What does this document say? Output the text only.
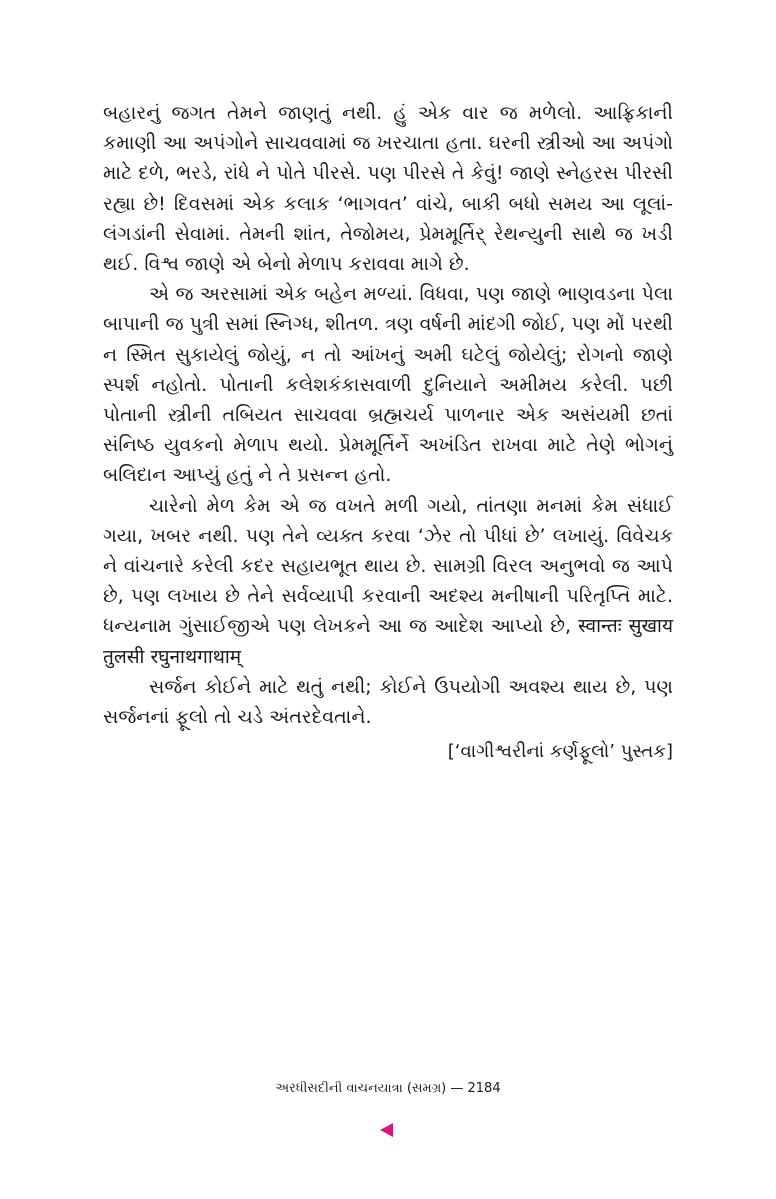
બહારનું જગત તેમને જાણતું નથી. હું એક વાર જ મળેલો. આફ્રિકાની કમાણી આ અપંગોને સાચવવામાં જ ખરચાતા હતા. ઘરની સ્ત્રીઓ આ અપંગો માટે દળે, ભરડે, રાંધે ને પોતે પીરસે. પણ પીરસે તે કેવું! જાણે સ્નેહરસ પીરસી રહ્યા છે! દિવસમાં એક કલાક ‘ભાગવત’ વાંચે, બાકી બધો સમય આ લૂલાં-લંગડાંની સેવામાં. તેમની શાંત, તેજોમય, પ્રેમમૂર્તિર્ રેથન્યુની સાથે જ ખડી થઈ. વિશ્વ જાણે એ બેનો મેળાપ કરાવવા માગે છે.

એ જ અરસામાં એક બહેન મળ્યાં. વિધવા, પણ જાણે ભાણવડના પેલા બાપાની જ પુત્રી સમાં સ્નિગ્ધ, શીતળ. ત્રણ વર્ષની માંદગી જોઈ, પણ મોં પરથી ન સ્મિત સુકાયેલું જોયું, ન તો આંખનું અમી ઘટેલું જોયેલું; રોગનો જાણે સ્પર્શ નહોતો. પોતાની કલેશકંકાસવાળી દુનિયાને અમીમય કરેલી. પછી પોતાની સ્ત્રીની તબિયત સાચવવા બ્રહ્મચર્ય પાળનાર એક અસંયમી છતાં સંનિષ્ઠ યુવકનો મેળાપ થયો. પ્રેમમૂર્તિર્ને અખંડિત રાખવા માટે તેણે ભોગનું બલિદાન આપ્યું હતું ને તે પ્રસન્ન હતો.

ચારેનો મેળ કેમ એ જ વખતે મળી ગયો, તાંતણા મનમાં કેમ સંધાઈ ગયા, ખબર નથી. પણ તેને વ્યક્ત કરવા ‘ઝેર તો પીધાં છે’ લખાયું. વિવેચક ને વાંચનારે કરેલી કદર સહાયભૂત થાય છે. સામગ્રી વિરલ અનુભવો જ આપે છે, પણ લખાય છે તેને સર્વવ્યાપી કરવાની અદશ્ય મનીષાની પરિતૃપ્તિ માટે. ધન્યનામ ગુંસાઈજીએ પણ લેખકને આ જ આદેશ આપ્યો છે, स्वान्तः सुखाय तुलसी रघुनाथगाथाम्

સર્જન કોઈને માટે થતું નથી; કોઈને ઉપયોગી અવશ્ય થાય છે, પણ સર્જનનાં ફૂલો તો ચડે અંતરદેવતાને.

[‘વાગીશ્વરીનાં કર્ણફૂલો’ પુસ્તક]
અરધીસદીની વાચનયાત્રા (સમગ્ર) — 2184
